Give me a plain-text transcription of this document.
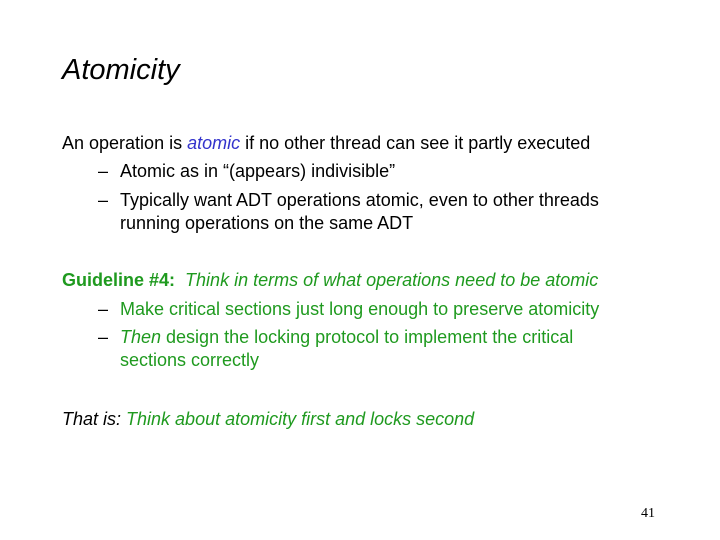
Atomicity
An operation is atomic if no other thread can see it partly executed
– Atomic as in “(appears) indivisible”
– Typically want ADT operations atomic, even to other threads
running operations on the same ADT
Guideline #4: Think in terms of what operations need to be atomic
– Make critical sections just long enough to preserve atomicity
– Then design the locking protocol to implement the critical
sections correctly
That is: Think about atomicity first and locks second
41
